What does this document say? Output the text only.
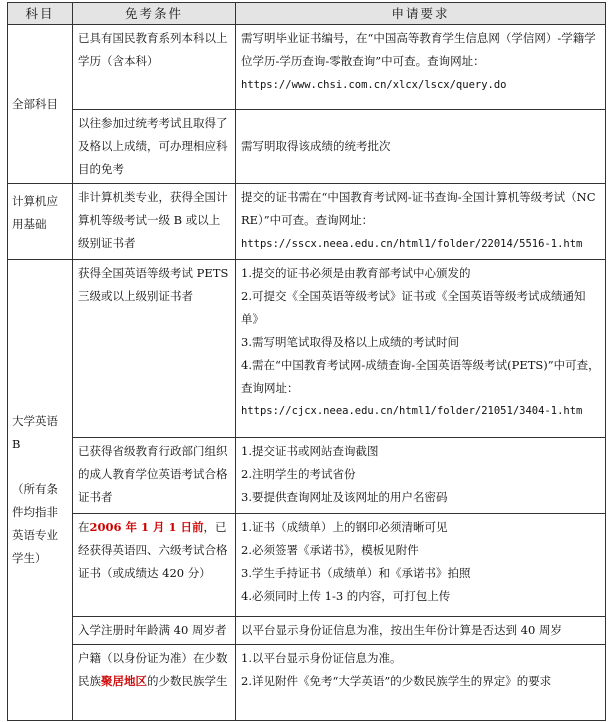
科目	免考条件	申请要求
全部科目	已具有国民教育系列本科以上学历（含本科）	需写明毕业证书编号，在“中国高等教育学生信息网（学信网）-学籍学位学历-学历查询-零散查询”中可查。查询网址：
https://www.chsi.com.cn/xlcx/lscx/query.do
	以往参加过统考考试且取得了及格以上成绩，可办理相应科目的免考	需写明取得该成绩的统考批次
计算机应用基础	非计算机类专业，获得全国计算机等级考试一级 B 或以上级别证书者	提交的证书需在“中国教育考试网-证书查询-全国计算机等级考试（NCRE）”中可查。查询网址：
https://sscx.neea.edu.cn/html1/folder/22014/5516-1.htm

大学英语 B
（所有条件均指非英语专业学生）	获得全国英语等级考试 PETS 三级或以上级别证书者	1.提交的证书必须是由教育部考试中心颁发的
2.可提交《全国英语等级考试》证书或《全国英语等级考试成绩通知单》
3.需写明笔试取得及格以上成绩的考试时间
4.需在“中国教育考试网-成绩查询-全国英语等级考试(PETS)”中可查，查询网址：
https://cjcx.neea.edu.cn/html1/folder/21051/3404-1.htm

	已获得省级教育行政部门组织的成人教育学位英语考试合格证书者	1.提交证书或网站查询截图
2.注明学生的考试省份
3.要提供查询网址及该网址的用户名密码

	在2006 年 1 月 1 日前，已经获得英语四、六级考试合格证书（或成绩达 420 分）	1.证书（成绩单）上的钢印必须清晰可见
2.必须签署《承诺书》，模板见附件
3.学生手持证书（成绩单）和《承诺书》拍照
4.必须同时上传 1-3 的内容，可打包上传

	入学注册时年龄满 40 周岁者	以平台显示身份证信息为准，按出生年份计算是否达到 40 周岁
	户籍（以身份证为准）在少数民族聚居地区的少数民族学生	1.以平台显示身份证信息为准。
2.详见附件《免考“大学英语”的少数民族学生的界定》的要求
